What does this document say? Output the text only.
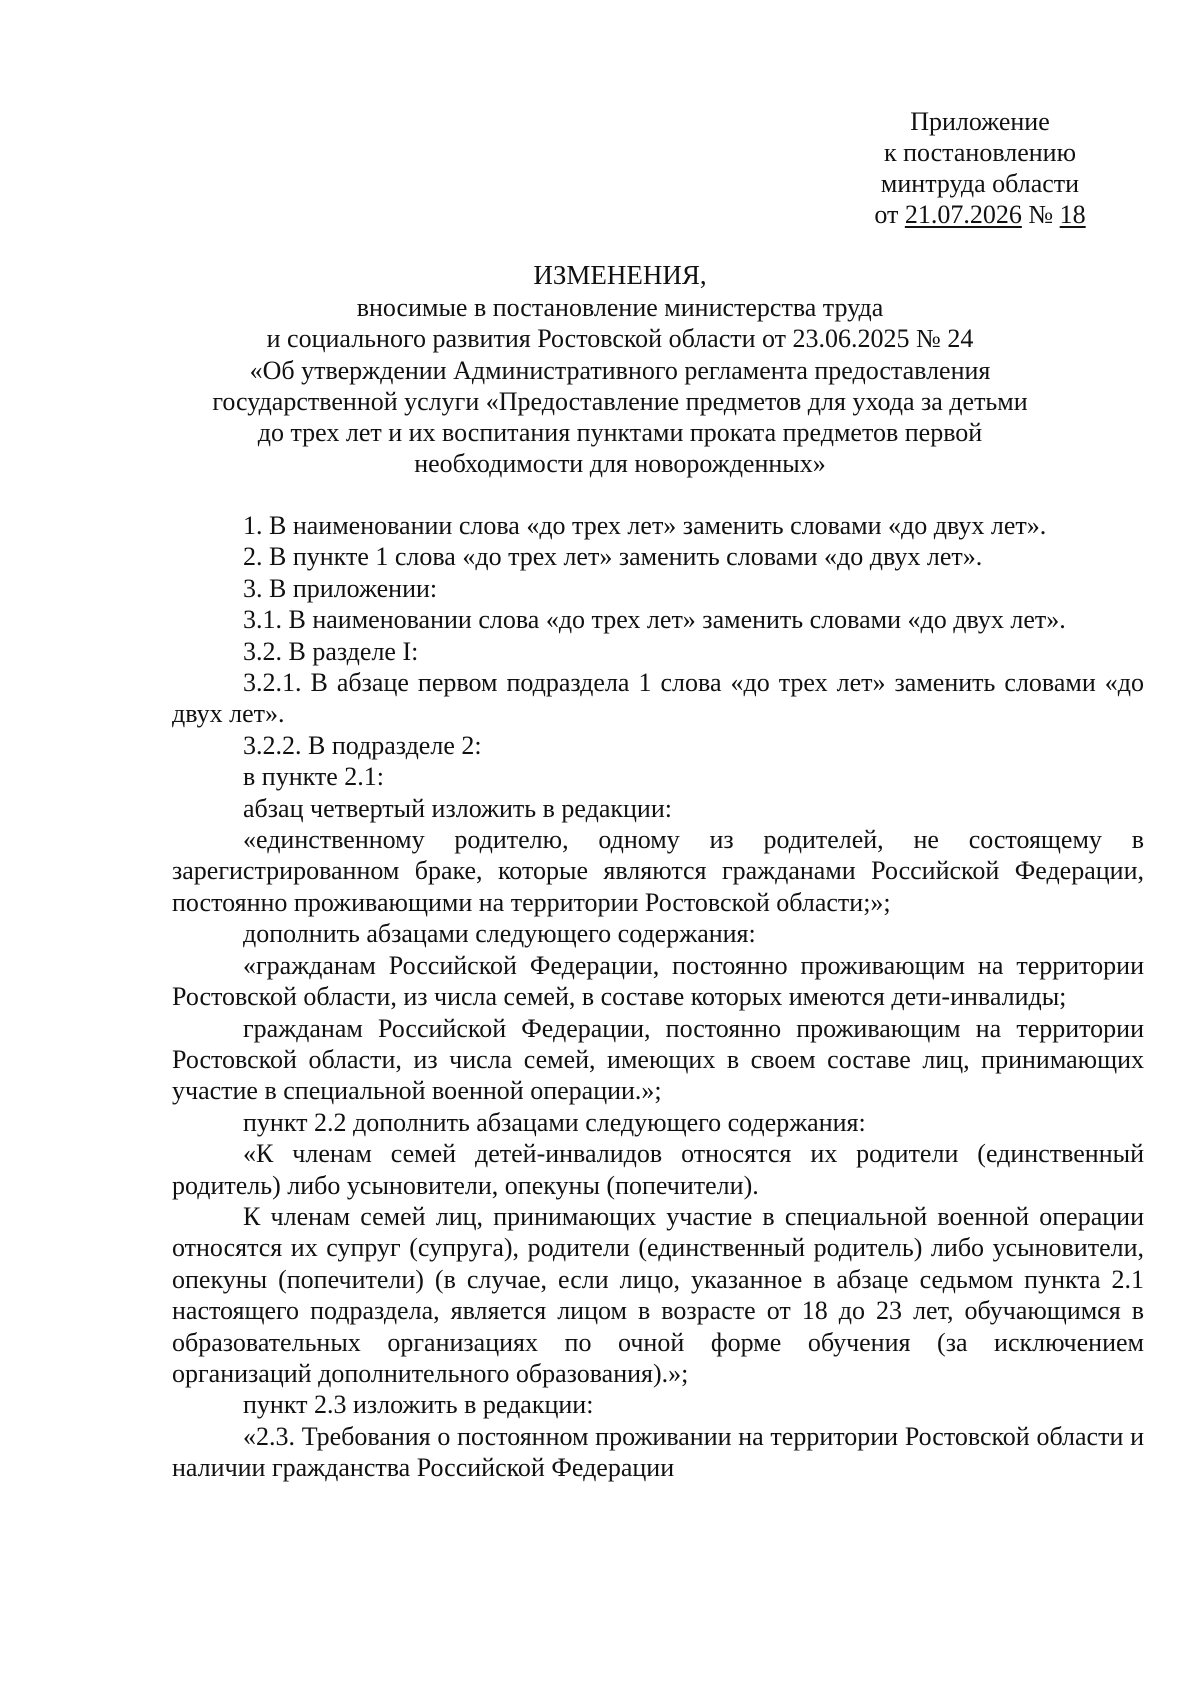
Приложение
к постановлению
минтруда области
от 21.07.2026 № 18
ИЗМЕНЕНИЯ,
вносимые в постановление министерства труда
и социального развития Ростовской области от 23.06.2025 № 24
«Об утверждении Административного регламента предоставления
государственной услуги «Предоставление предметов для ухода за детьми
до трех лет и их воспитания пунктами проката предметов первой
необходимости для новорожденных»

1. В наименовании слова «до трех лет» заменить словами «до двух лет».

2. В пункте 1 слова «до трех лет» заменить словами «до двух лет».

3. В приложении:

3.1. В наименовании слова «до трех лет» заменить словами «до двух лет».

3.2. В разделе I:

3.2.1. В абзаце первом подраздела 1 слова «до трех лет» заменить словами «до двух лет».

3.2.2. В подразделе 2:

в пункте 2.1:

абзац четвертый изложить в редакции:

«единственному родителю, одному из родителей, не состоящему в зарегистрированном браке, которые являются гражданами Российской Федерации, постоянно проживающими на территории Ростовской области;»;

дополнить абзацами следующего содержания:

«гражданам Российской Федерации, постоянно проживающим на территории Ростовской области, из числа семей, в составе которых имеются дети-инвалиды;

гражданам Российской Федерации, постоянно проживающим на территории Ростовской области, из числа семей, имеющих в своем составе лиц, принимающих участие в специальной военной операции.»;

пункт 2.2 дополнить абзацами следующего содержания:

«К членам семей детей-инвалидов относятся их родители (единственный родитель) либо усыновители, опекуны (попечители).

К членам семей лиц, принимающих участие в специальной военной операции относятся их супруг (супруга), родители (единственный родитель) либо усыновители, опекуны (попечители) (в случае, если лицо, указанное в абзаце седьмом пункта 2.1 настоящего подраздела, является лицом в возрасте от 18 до 23 лет, обучающимся в образовательных организациях по очной форме обучения (за исключением организаций дополнительного образования).»;

пункт 2.3 изложить в редакции:

«2.3. Требования о постоянном проживании на территории Ростовской области и наличии гражданства Российской Федерации
